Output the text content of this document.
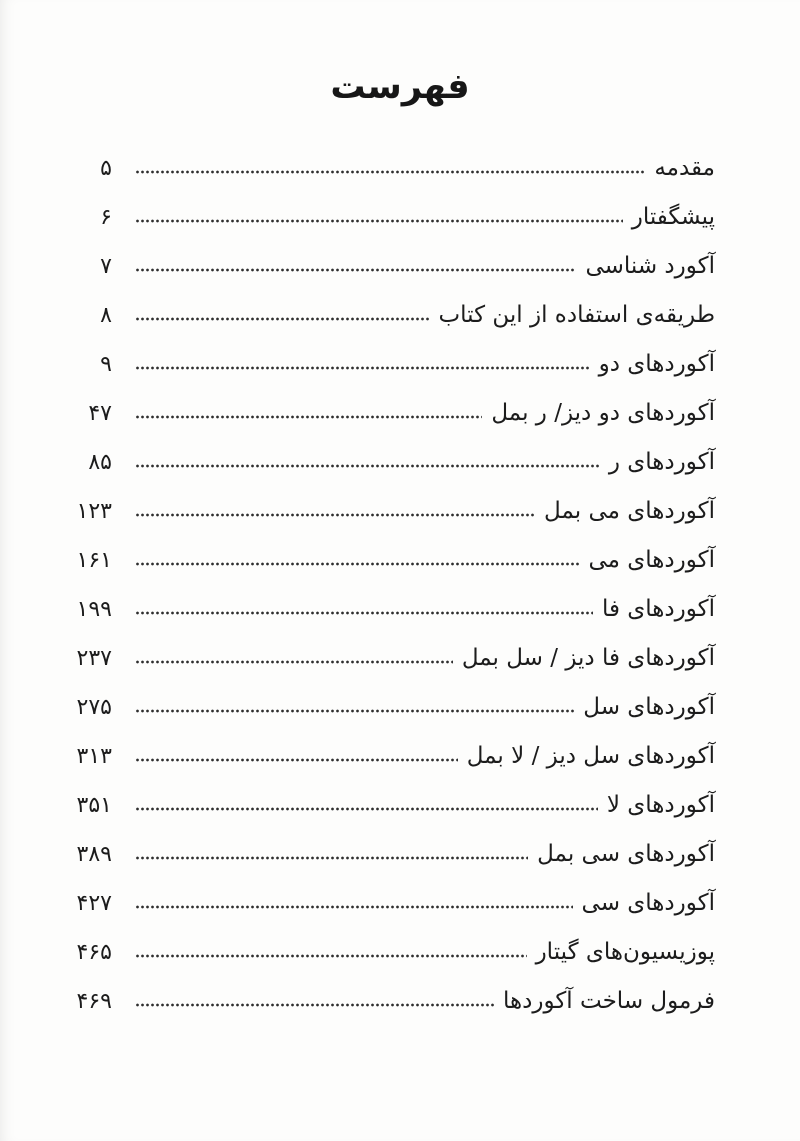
فهرست
مقدمه
۵
پیشگفتار
۶
آکورد شناسی
۷
طریقه‌ی استفاده از این کتاب
۸
آکوردهای دو
۹
آکوردهای دو دیز/ ر بمل
۴۷
آکوردهای ر
۸۵
آکوردهای می بمل
۱۲۳
آکوردهای می
۱۶۱
آکوردهای فا
۱۹۹
آکوردهای فا دیز / سل بمل
۲۳۷
آکوردهای سل
۲۷۵
آکوردهای سل دیز / لا بمل
۳۱۳
آکوردهای لا
۳۵۱
آکوردهای سی بمل
۳۸۹
آکوردهای سی
۴۲۷
پوزیسیون‌های گیتار
۴۶۵
فرمول ساخت آکوردها
۴۶۹
